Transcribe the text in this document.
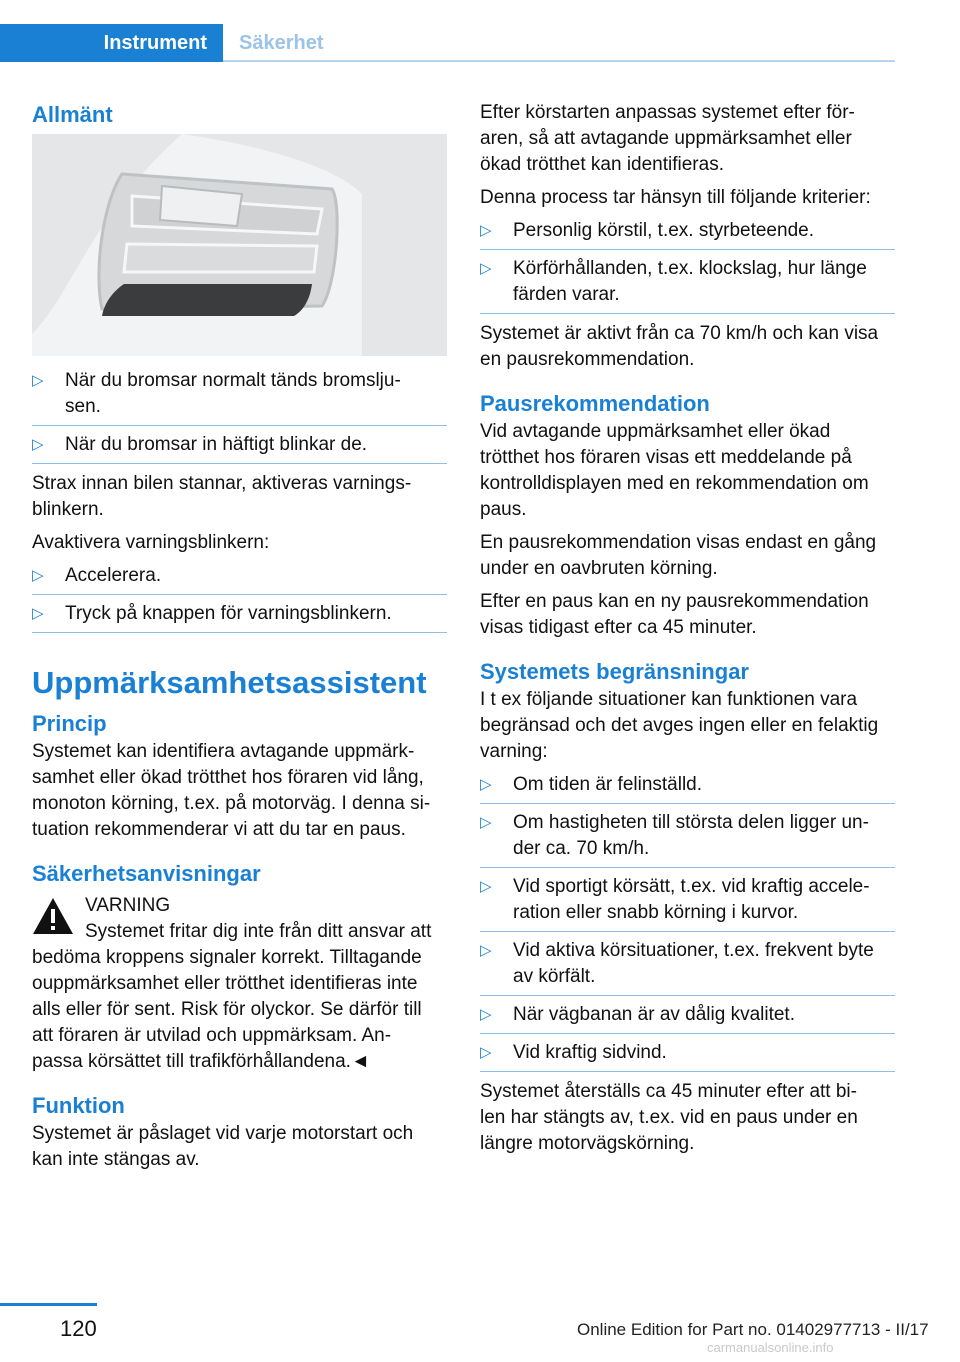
Instrument	Säkerhet
Allmänt
▷ När du bromsar normalt tänds bromslju-
sen.
▷ När du bromsar in häftigt blinkar de.

Strax innan bilen stannar, aktiveras varnings-
blinkern.

Avaktivera varningsblinkern:

▷ Accelerera.
▷ Tryck på knappen för varningsblinkern.
Uppmärksamhetsassistent
Princip

Systemet kan identifiera avtagande uppmärk-
samhet eller ökad trötthet hos föraren vid lång,
monoton körning, t.ex. på motorväg. I denna si-
tuation rekommenderar vi att du tar en paus.

Säkerhetsanvisningar
VARNING
Systemet fritar dig inte från ditt ansvar att
bedöma kroppens signaler korrekt. Tilltagande
ouppmärksamhet eller trötthet identifieras inte
alls eller för sent. Risk för olyckor. Se därför till
att föraren är utvilad och uppmärksam. An-
passa körsättet till trafikförhållandena.◄
Funktion

Systemet är påslaget vid varje motorstart och
kan inte stängas av.

Efter körstarten anpassas systemet efter för-
aren, så att avtagande uppmärksamhet eller
ökad trötthet kan identifieras.

Denna process tar hänsyn till följande kriterier:

▷ Personlig körstil, t.ex. styrbeteende.
▷ Körförhållanden, t.ex. klockslag, hur länge
färden varar.

Systemet är aktivt från ca 70 km/h och kan visa
en pausrekommendation.

Pausrekommendation

Vid avtagande uppmärksamhet eller ökad
trötthet hos föraren visas ett meddelande på
kontrolldisplayen med en rekommendation om
paus.

En pausrekommendation visas endast en gång
under en oavbruten körning.

Efter en paus kan en ny pausrekommendation
visas tidigast efter ca 45 minuter.

Systemets begränsningar

I t ex följande situationer kan funktionen vara
begränsad och det avges ingen eller en felaktig
varning:

▷ Om tiden är felinställd.
▷ Om hastigheten till största delen ligger un-
der ca. 70 km/h.
▷ Vid sportigt körsätt, t.ex. vid kraftig accele-
ration eller snabb körning i kurvor.
▷ Vid aktiva körsituationer, t.ex. frekvent byte
av körfält.
▷ När vägbanan är av dålig kvalitet.
▷ Vid kraftig sidvind.

Systemet återställs ca 45 minuter efter att bi-
len har stängts av, t.ex. vid en paus under en
längre motorvägskörning.

120	Online Edition for Part no. 01402977713 - II/17
carmanualsonline.info
